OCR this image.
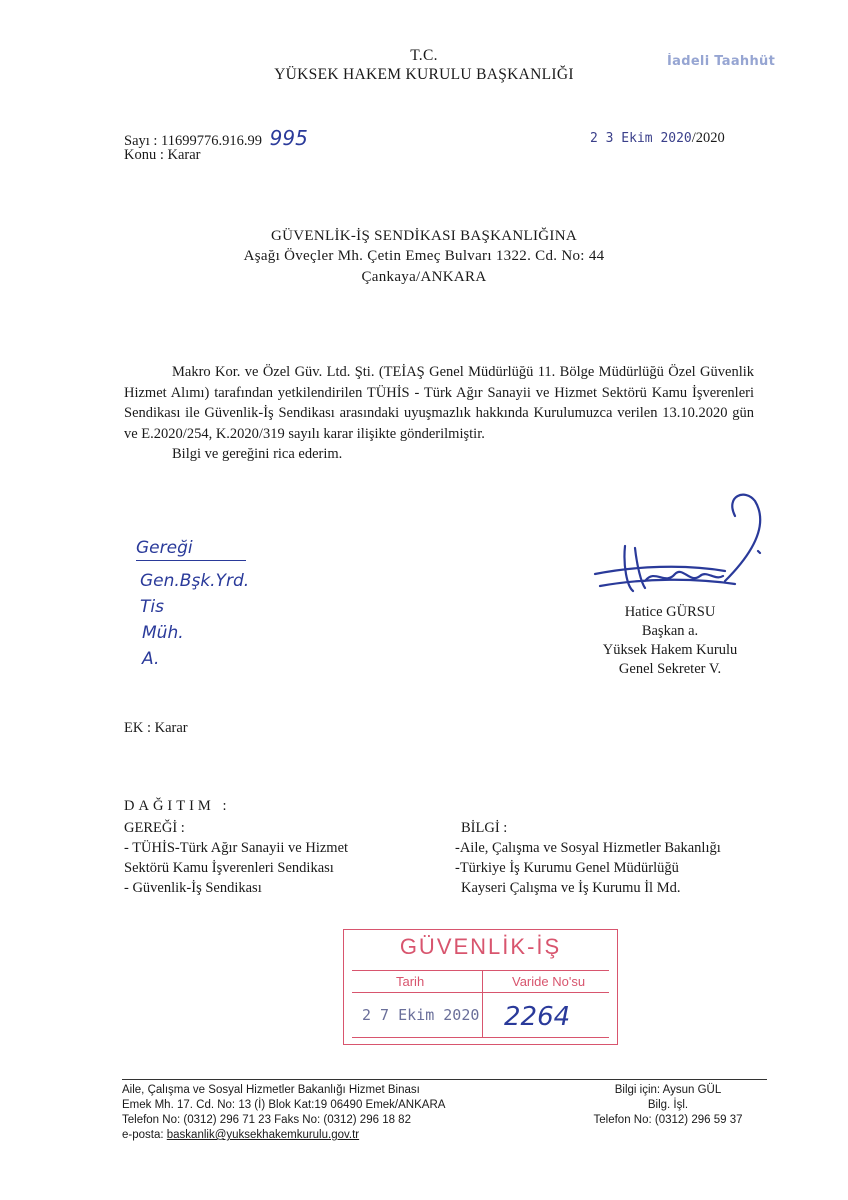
T.C.
YÜKSEK HAKEM KURULU BAŞKANLIĞI
İadeli Taahhüt
Sayı : 11699776.916.99 995
Konu : Karar
2 3 Ekim 2020/2020
GÜVENLİK-İŞ SENDİKASI BAŞKANLIĞINA
Aşağı Öveçler Mh. Çetin Emeç Bulvarı 1322. Cd. No: 44
Çankaya/ANKARA

Makro Kor. ve Özel Güv. Ltd. Şti. (TEİAŞ Genel Müdürlüğü 11. Bölge Müdürlüğü Özel Güvenlik Hizmet Alımı) tarafından yetkilendirilen TÜHİS - Türk Ağır Sanayii ve Hizmet Sektörü Kamu İşverenleri Sendikası ile Güvenlik-İş Sendikası arasındaki uyuşmazlık hakkında Kurulumuzca verilen 13.10.2020 gün ve E.2020/254, K.2020/319 sayılı karar ilişikte gönderilmiştir.

Bilgi ve gereğini rica ederim.

Gereği
Gen.Bşk.Yrd.
Tis
Müh.
A.
Hatice GÜRSU
Başkan a.
Yüksek Hakem Kurulu
Genel Sekreter V.
EK : Karar
DAĞITIM :
GEREĞİ :
- TÜHİS-Türk Ağır Sanayii ve Hizmet
Sektörü Kamu İşverenleri Sendikası
- Güvenlik-İş Sendikası
BİLGİ :
-Aile, Çalışma ve Sosyal Hizmetler Bakanlığı
-Türkiye İş Kurumu Genel Müdürlüğü
Kayseri Çalışma ve İş Kurumu İl Md.
GÜVENLİK-İŞ
Tarih	Varide No'su
2 7 Ekim 2020 2264
Aile, Çalışma ve Sosyal Hizmetler Bakanlığı Hizmet Binası
Emek Mh. 17. Cd. No: 13 (İ) Blok Kat:19 06490 Emek/ANKARA
Telefon No: (0312) 296 71 23 Faks No: (0312) 296 18 82
e-posta: baskanlik@yuksekhakemkurulu.gov.tr
Bilgi için: Aysun GÜL
Bilg. İşl.
Telefon No: (0312) 296 59 37
